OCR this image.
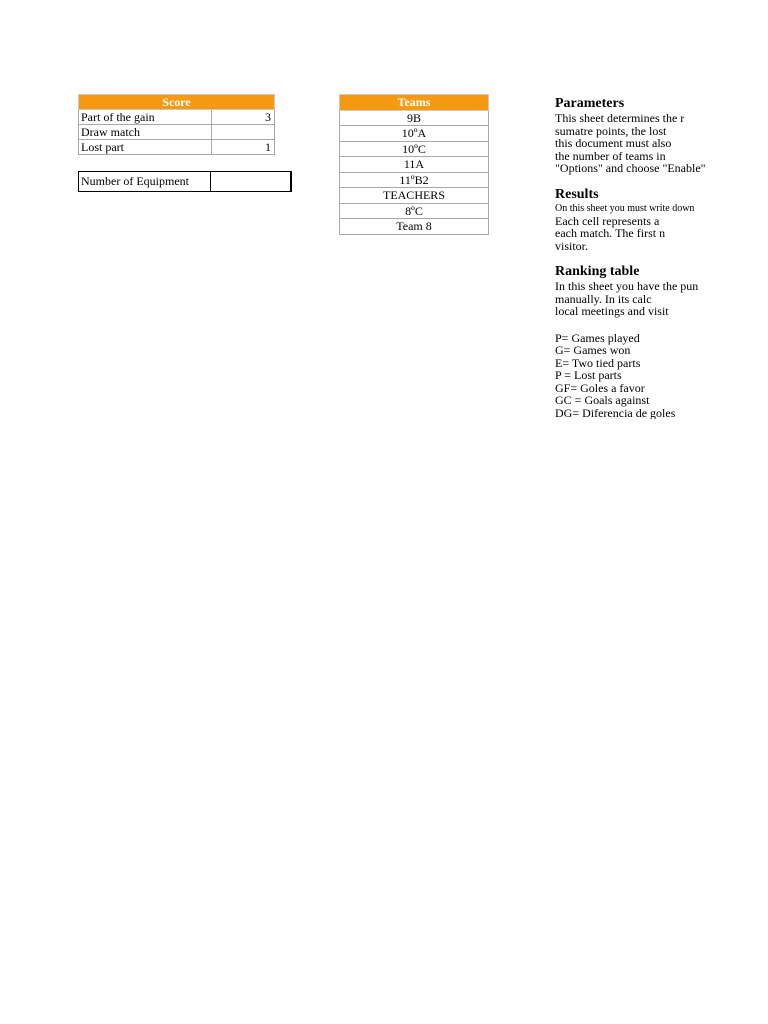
Score	
Part of the gain	3
Draw match	
Lost part	1
Number of Equipment
Teams
9B
10ºA
10ºC
11A
11ºB2
TEACHERS
8ºC
Team 8
Parameters
This sheet determines the r
sumatre points, the lost
this document must also
the number of teams in
"Options" and choose "Enable"
Results
On this sheet you must write down
Each cell represents a
each match. The first n
visitor.
Ranking table
In this sheet you have the pun
manually. In its calc
local meetings and visit
P= Games played
G= Games won
E= Two tied parts
P = Lost parts
GF= Goles a favor
GC = Goals against
DG= Diferencia de goles
